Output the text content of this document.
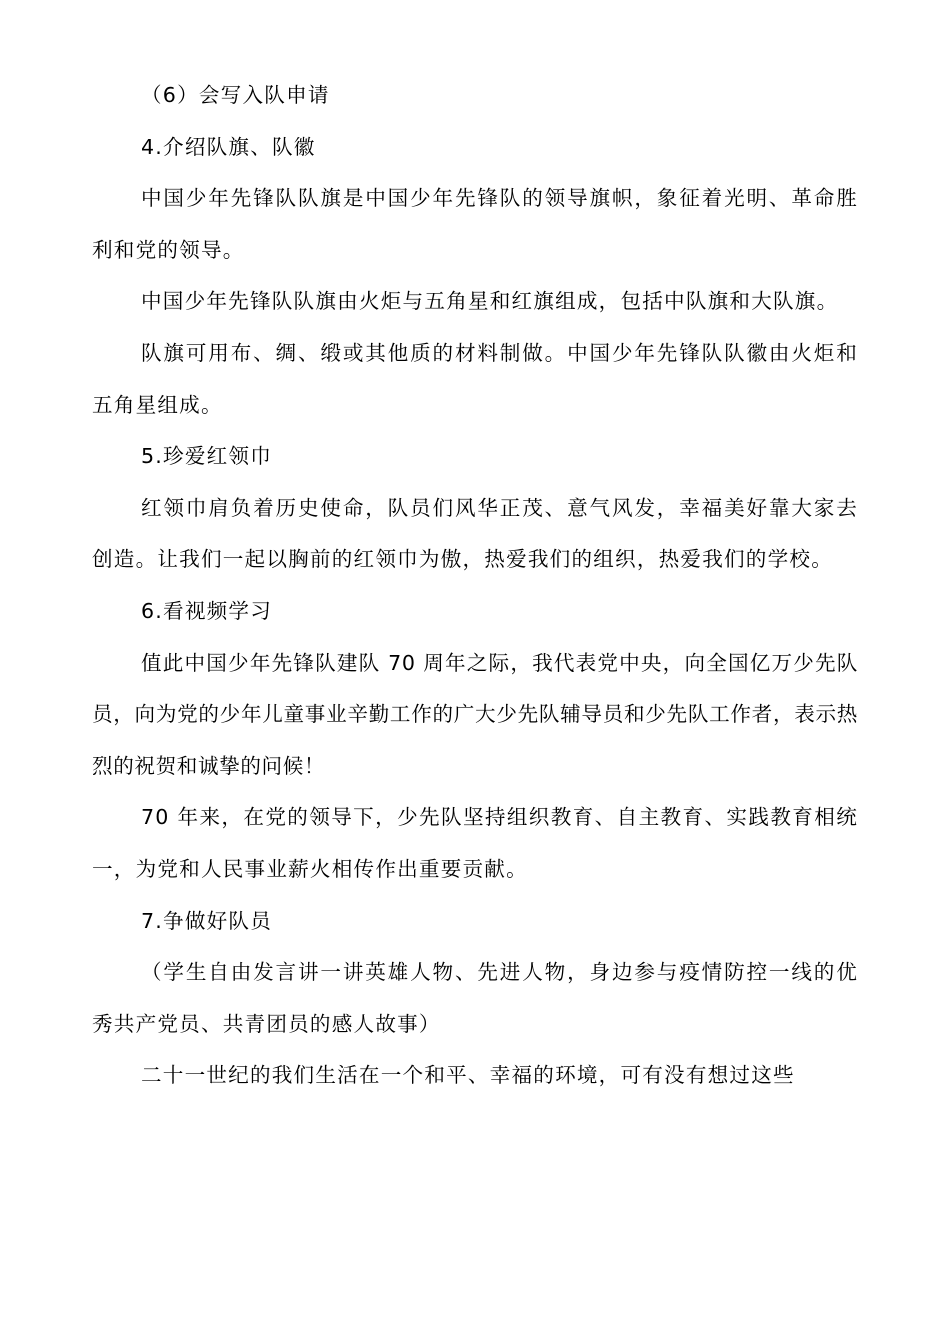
（6）会写入队申请

4.介绍队旗、队徽

中国少年先锋队队旗是中国少年先锋队的领导旗帜，象征着光明、革命胜利和党的领导。

中国少年先锋队队旗由火炬与五角星和红旗组成，包括中队旗和大队旗。

队旗可用布、绸、缎或其他质的材料制做。中国少年先锋队队徽由火炬和五角星组成。

5.珍爱红领巾

红领巾肩负着历史使命，队员们风华正茂、意气风发，幸福美好靠大家去创造。让我们一起以胸前的红领巾为傲，热爱我们的组织，热爱我们的学校。

6.看视频学习

值此中国少年先锋队建队 70 周年之际，我代表党中央，向全国亿万少先队员，向为党的少年儿童事业辛勤工作的广大少先队辅导员和少先队工作者，表示热烈的祝贺和诚挚的问候！

70 年来，在党的领导下，少先队坚持组织教育、自主教育、实践教育相统一，为党和人民事业薪火相传作出重要贡献。

7.争做好队员

（学生自由发言讲一讲英雄人物、先进人物，身边参与疫情防控一线的优秀共产党员、共青团员的感人故事）

二十一世纪的我们生活在一个和平、幸福的环境，可有没有想过这些
